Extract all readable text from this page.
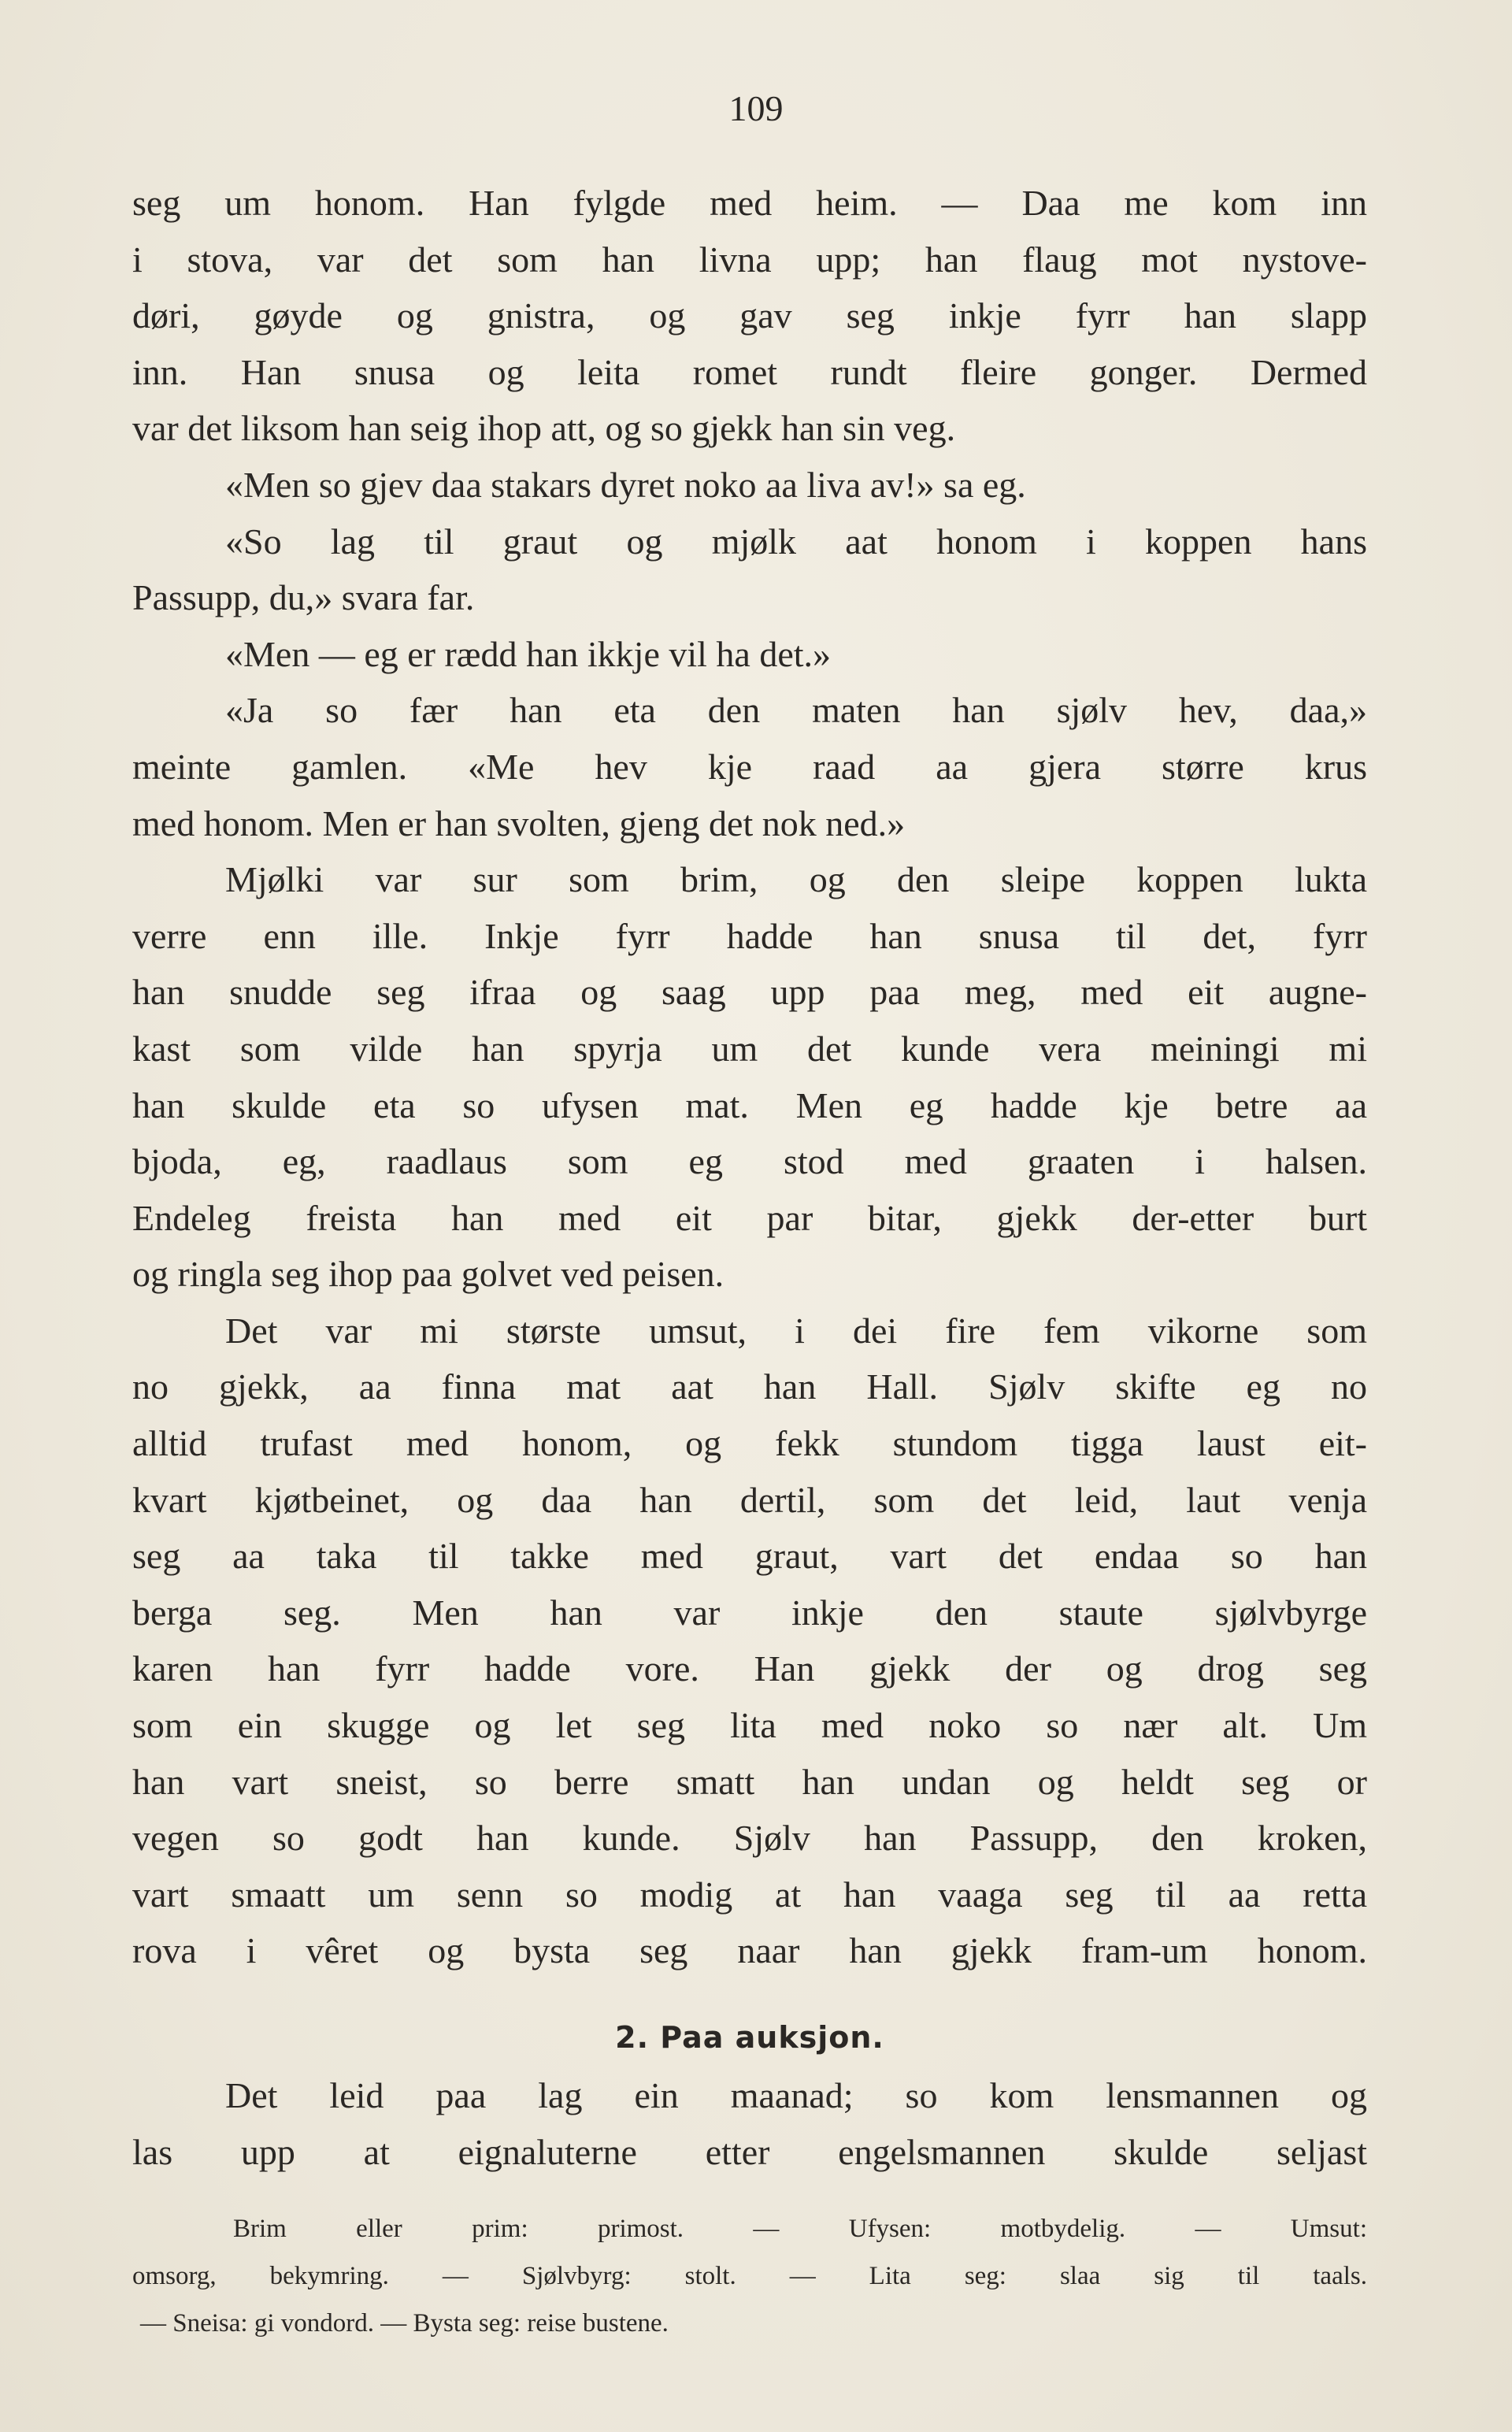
109
seg um honom. Han fylgde med heim. — Daa me kom inn
i stova, var det som han livna upp; han flaug mot nystove-
døri, gøyde og gnistra, og gav seg inkje fyrr han slapp
inn. Han snusa og leita romet rundt fleire gonger. Dermed
var det liksom han seig ihop att, og so gjekk han sin veg.
«Men so gjev daa stakars dyret noko aa liva av!» sa eg.
«So lag til graut og mjølk aat honom i koppen hans
Passupp, du,» svara far.
«Men — eg er rædd han ikkje vil ha det.»
«Ja so fær han eta den maten han sjølv hev, daa,»
meinte gamlen. «Me hev kje raad aa gjera større krus
med honom. Men er han svolten, gjeng det nok ned.»
Mjølki var sur som brim, og den sleipe koppen lukta
verre enn ille. Inkje fyrr hadde han snusa til det, fyrr
han snudde seg ifraa og saag upp paa meg, med eit augne-
kast som vilde han spyrja um det kunde vera meiningi mi
han skulde eta so ufysen mat. Men eg hadde kje betre aa
bjoda, eg, raadlaus som eg stod med graaten i halsen.
Endeleg freista han med eit par bitar, gjekk der-etter burt
og ringla seg ihop paa golvet ved peisen.
Det var mi største umsut, i dei fire fem vikorne som
no gjekk, aa finna mat aat han Hall. Sjølv skifte eg no
alltid trufast med honom, og fekk stundom tigga laust eit-
kvart kjøtbeinet, og daa han dertil, som det leid, laut venja
seg aa taka til takke med graut, vart det endaa so han
berga seg. Men han var inkje den staute sjølvbyrge
karen han fyrr hadde vore. Han gjekk der og drog seg
som ein skugge og let seg lita med noko so nær alt. Um
han vart sneist, so berre smatt han undan og heldt seg or
vegen so godt han kunde. Sjølv han Passupp, den kroken,
vart smaatt um senn so modig at han vaaga seg til aa retta
rova i vêret og bysta seg naar han gjekk fram-um honom.
2. Paa auksjon.
Det leid paa lag ein maanad; so kom lensmannen og
las upp at eignaluterne etter engelsmannen skulde seljast
Brim eller prim: primost. — Ufysen: motbydelig. — Umsut:
omsorg, bekymring. — Sjølvbyrg: stolt. — Lita seg: slaa sig til taals.
— Sneisa: gi vondord. — Bysta seg: reise bustene.
